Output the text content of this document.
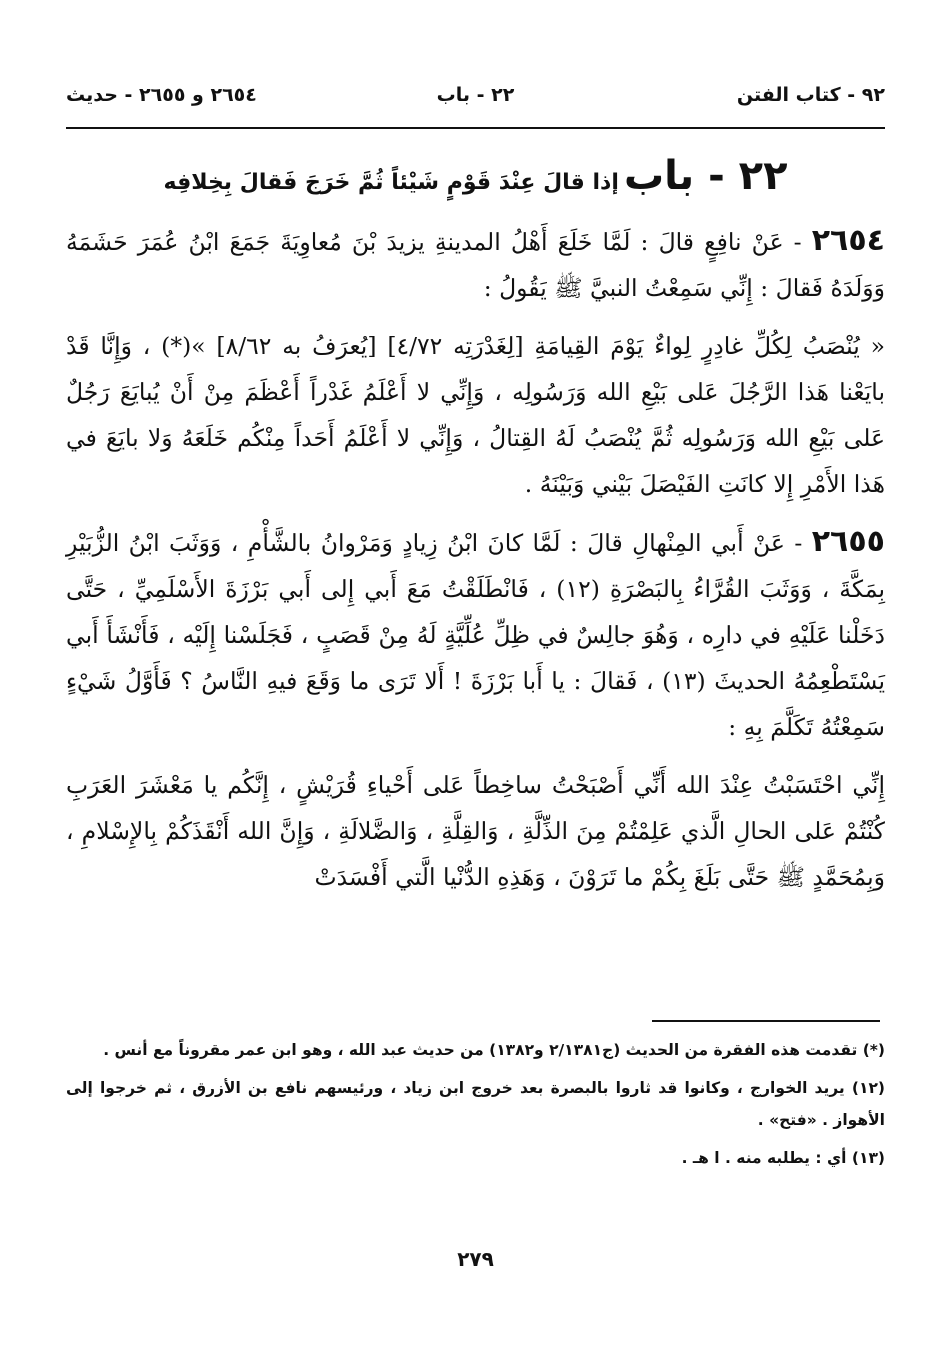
٩٢ - كتاب الفتن
٢٢ - باب
٢٦٥٤ و ٢٦٥٥ - حديث
٢٢ - باب إذا قالَ عِنْدَ قَوْمٍ شَيْئاً ثُمَّ خَرَجَ فَقالَ بِخِلافِه

٢٦٥٤ - عَنْ نافِعٍ قالَ : لَمَّا خَلَعَ أَهْلُ المدينةِ يزيدَ بْنَ مُعاوِيَةَ جَمَعَ ابْنُ عُمَرَ حَشَمَهُ وَوَلَدَهُ فَقالَ : إِنِّي سَمِعْتُ النبيَّ ﷺ يَقُولُ :

« يُنْصَبُ لِكُلِّ غادِرٍ لِواءٌ يَوْمَ القِيامَةِ [لِغَدْرَتِه ٤/٧٢] [يُعرَفُ به ٨/٦٢] »(*) ، وَإِنَّا قَدْ بايَعْنا هَذا الرَّجُلَ عَلى بَيْعِ الله وَرَسُولِه ، وَإِنِّي لا أَعْلَمُ غَدْراً أَعْظَمَ مِنْ أَنْ يُبايَعَ رَجُلٌ عَلى بَيْعِ الله وَرَسُولِه ثُمَّ يُنْصَبُ لَهُ القِتالُ ، وَإِنِّي لا أَعْلَمُ أَحَداً مِنْكُم خَلَعَهُ وَلا بايَعَ في هَذا الأَمْرِ إِلا كانَتِ الفَيْصَلَ بَيْني وَبَيْنَهُ .

٢٦٥٥ - عَنْ أَبي المِنْهالِ قالَ : لَمَّا كانَ ابْنُ زِيادٍ وَمَرْوانُ بالشَّأْمِ ، وَوَثَبَ ابْنُ الزُّبَيْرِ بِمَكَّةَ ، وَوَثَبَ القُرَّاءُ بِالبَصْرَةِ (١٢) ، فَانْطَلَقْتُ مَعَ أَبي إِلى أَبي بَرْزَةَ الأَسْلَمِيِّ ، حَتَّى دَخَلْنا عَلَيْهِ في دارِه ، وَهُوَ جالِسٌ في ظِلِّ عُلِّيَّةٍ لَهُ مِنْ قَصَبٍ ، فَجَلَسْنا إِلَيْه ، فَأَنْشَأَ أَبي يَسْتَطْعِمُهُ الحديثَ (١٣) ، فَقالَ : يا أَبا بَرْزَةَ ! أَلا تَرَى ما وَقَعَ فيهِ النَّاسُ ؟ فَأَوَّلُ شَيْءٍ سَمِعْتُهُ تَكَلَّمَ بِهِ :

إِنِّي احْتَسَبْتُ عِنْدَ الله أَنِّي أَصْبَحْتُ ساخِطاً عَلى أَحْياءِ قُرَيْشٍ ، إِنَّكُم يا مَعْشَرَ العَرَبِ كُنْتُمْ عَلى الحالِ الَّذي عَلِمْتُمْ مِنَ الذِّلَّةِ ، وَالقِلَّةِ ، وَالضَّلالَةِ ، وَإِنَّ الله أَنْقَذَكُمْ بِالإِسْلامِ ، وَبِمُحَمَّدٍ ﷺ حَتَّى بَلَغَ بِكُمْ ما تَرَوْنَ ، وَهَذِهِ الدُّنْيا الَّتي أَفْسَدَتْ

(*) تقدمت هذه الفقرة من الحديث (ج٢/١٣٨١ و١٣٨٢) من حديث عبد الله ، وهو ابن عمر مقروناً مع أنس .

(١٢) يريد الخوارج ، وكانوا قد ثاروا بالبصرة بعد خروج ابن زياد ، ورئيسهم نافع بن الأزرق ، ثم خرجوا إلى الأهواز . «فتح» .

(١٣) أي : يطلبه منه . ا هـ .

٢٧٩
